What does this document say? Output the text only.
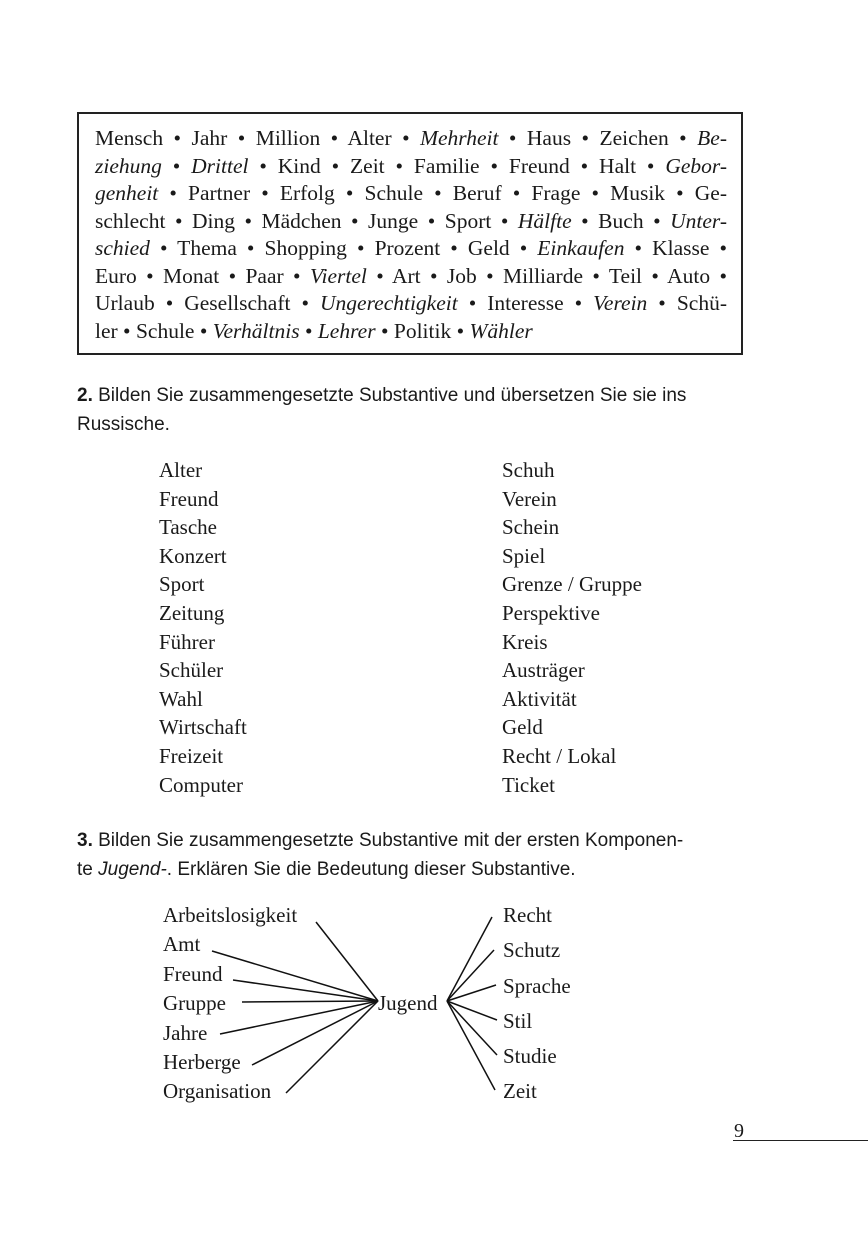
Mensch • Jahr • Million • Alter • Mehrheit • Haus • Zeichen • Be-
ziehung • Drittel • Kind • Zeit • Familie • Freund • Halt • Gebor-
genheit • Partner • Erfolg • Schule • Beruf • Frage • Musik • Ge-
schlecht • Ding • Mädchen • Junge • Sport • Hälfte • Buch • Unter-
schied • Thema • Shopping • Prozent • Geld • Einkaufen • Klasse •
Euro • Monat • Paar • Viertel • Art • Job • Milliarde • Teil • Auto •
Urlaub • Gesellschaft • Ungerechtigkeit • Interesse • Verein • Schü-
ler • Schule • Verhältnis • Lehrer • Politik • Wähler
2. Bilden Sie zusammengesetzte Substantive und übersetzen Sie sie ins
Russische.
Alter
Freund
Tasche
Konzert
Sport
Zeitung
Führer
Schüler
Wahl
Wirtschaft
Freizeit
Computer
Schuh
Verein
Schein
Spiel
Grenze / Gruppe
Perspektive
Kreis
Austräger
Aktivität
Geld
Recht / Lokal
Ticket
3. Bilden Sie zusammengesetzte Substantive mit der ersten Komponen-
te Jugend-. Erklären Sie die Bedeutung dieser Substantive.
Arbeitslosigkeit
Amt
Freund
Gruppe
Jahre
Herberge
Organisation
Jugend
Recht
Schutz
Sprache
Stil
Studie
Zeit
9
